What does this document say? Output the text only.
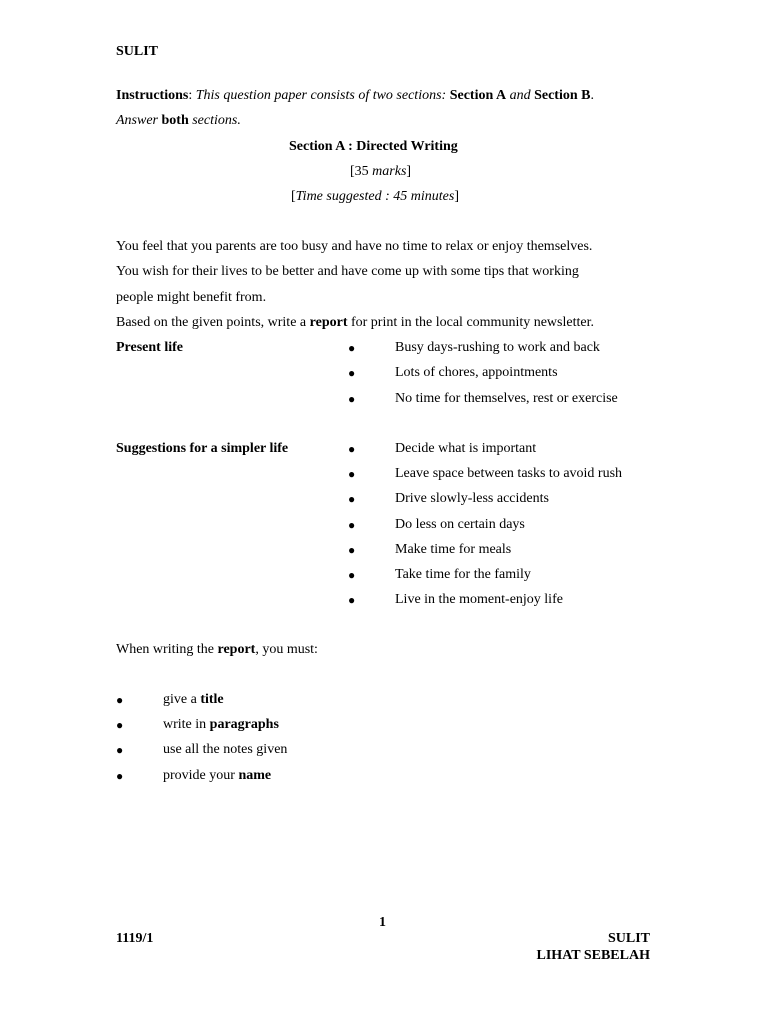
SULIT
Instructions: This question paper consists of two sections: Section A and Section B.
Answer both sections.
Section A : Directed Writing
[35 marks]
[Time suggested : 45 minutes]
You feel that you parents are too busy and have no time to relax or enjoy themselves.
You wish for their lives to be better and have come up with some tips that working
people might benefit from.
Based on the given points, write a report for print in the local community newsletter.
Present life	●	Busy days-rushing to work and back
●	Lots of chores, appointments
●	No time for themselves, rest or exercise
Suggestions for a simpler life	●	Decide what is important
●	Leave space between tasks to avoid rush
●	Drive slowly-less accidents
●	Do less on certain days
●	Make time for meals
●	Take time for the family
●	Live in the moment-enjoy life
When writing the report, you must:
●	give a title
●	write in paragraphs
●	use all the notes given
●	provide your name
1
1119/1	SULIT
LIHAT SEBELAH
